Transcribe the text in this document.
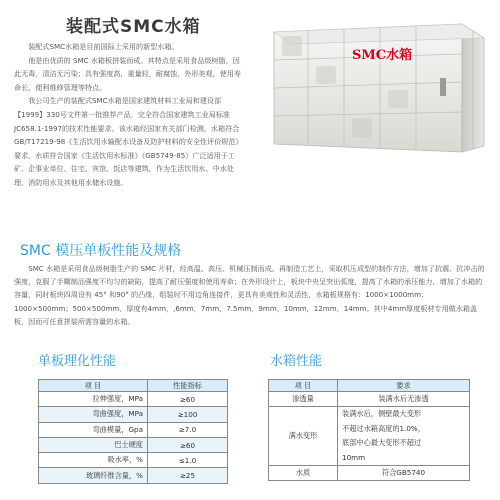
装配式SMC水箱

装配式SMC水箱是目前国际上采用的新型水箱。

他是由优质的 SMC 水箱板拼装而成。其特点是采用食品级树脂，因此无毒，清洁无污染；具有强度高，重量轻，耐腐蚀，外形美观，使用寿命长，便利维修管理等特点。

我公司生产的装配式SMC水箱是国家建筑材料工业局和建设部【1999】330号文件第一批推荐产品，完全符合国家建筑工业局标准JC658.1-1997的技术性能要求。该水箱经国家有关部门检测，水箱符合GB/T17219-98《生活饮用水输配水设备及防护材料的安全性评价规范》要求，水质符合国家《生活饮用水标准》（GB5749-85）广泛适用于工矿、企事业单位、住宅、宾馆、饭店等建筑，作为生活饮用水、中水处理、消防用水及其他用水储水设施。

SMC水箱
SMC 模压单板性能及规格

SMC 水箱是采用食品级树脂生产的 SMC 片材，经高温、高压、机械压制而成。再制造工艺上，采取机压成型的制作方法，增加了抗震、抗冲击的强度，克服了手糊制品强度不均匀的缺陷，提高了耐压强度和使用寿命；在外形设计上，板块中央呈突出弧度，提高了水箱的承压能力，增加了水箱的容量，同时板块四周设有 45° 和90° 的凸缘，组装时不用边角连接件，更具有美观性和灵活性，水箱板规格有：1000×1000mm；1000×500mm；500×500mm、厚度有4mm，,6mm，7mm，7.5mm，9mm，10mm，12mm，14mm。其中4mm厚度板材专用做水箱盖板，因而可任意拼装所需容量的水箱。

单板理化性能	水箱性能
项 目	性能指标
拉伸强度，MPa	≥60
弯曲强度，MPa	≥100
弯曲模量，Gpa	≥7.0
巴士硬度	≥60
吸水率，%	≤1.0
玻璃纤维含量，%	≥25
项 目	要求
渗透量	装满水后无渗透
满水变形	装满水后，侧壁最大变形
不超过水箱高度的1.0%，
底部中心最大变形不超过
10mm

水质	符合GB5740
